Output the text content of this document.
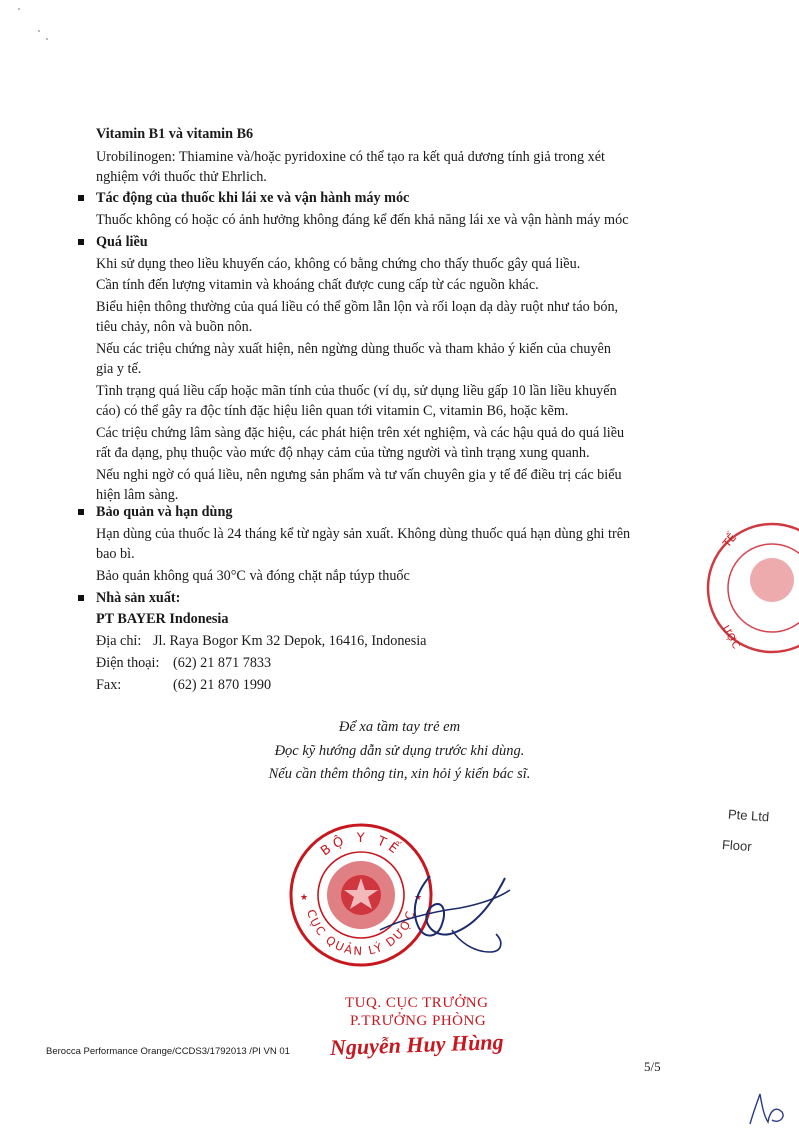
Vitamin B1 và vitamin B6
Urobilinogen: Thiamine và/hoặc pyridoxine có thể tạo ra kết quả dương tính giả trong xét
nghiệm với thuốc thử Ehrlich.
Tác động của thuốc khi lái xe và vận hành máy móc
Thuốc không có hoặc có ảnh hưởng không đáng kể đến khả năng lái xe và vận hành máy móc
Quá liều
Khi sử dụng theo liều khuyến cáo, không có bằng chứng cho thấy thuốc gây quá liều.
Cần tính đến lượng vitamin và khoáng chất được cung cấp từ các nguồn khác.
Biểu hiện thông thường của quá liều có thể gồm lẫn lộn và rối loạn dạ dày ruột như táo bón,
tiêu chảy, nôn và buồn nôn.
Nếu các triệu chứng này xuất hiện, nên ngừng dùng thuốc và tham khảo ý kiến của chuyên
gia y tế.
Tình trạng quá liều cấp hoặc mãn tính của thuốc (ví dụ, sử dụng liều gấp 10 lần liều khuyến
cáo) có thể gây ra độc tính đặc hiệu liên quan tới vitamin C, vitamin B6, hoặc kẽm.
Các triệu chứng lâm sàng đặc hiệu, các phát hiện trên xét nghiệm, và các hậu quả do quá liều
rất đa dạng, phụ thuộc vào mức độ nhạy cảm của từng người và tình trạng xung quanh.
Nếu nghi ngờ có quá liều, nên ngưng sản phẩm và tư vấn chuyên gia y tế để điều trị các biểu
hiện lâm sàng.
Bảo quản và hạn dùng
Hạn dùng của thuốc là 24 tháng kể từ ngày sản xuất. Không dùng thuốc quá hạn dùng ghi trên
bao bì.
Bảo quản không quá 30°C và đóng chặt nắp túyp thuốc
Nhà sản xuất:
PT BAYER Indonesia
Địa chỉ: Jl. Raya Bogor Km 32 Depok, 16416, Indonesia
Điện thoại: (62) 21 871 7833
Fax:	(62) 21 870 1990
Để xa tầm tay trẻ em
Đọc kỹ hướng dẫn sử dụng trước khi dùng.
Nếu cần thêm thông tin, xin hỏi ý kiến bác sĩ.
TẾ
ƯỢC
Pte Ltd
Floor
★	★
BỘ Y TẾ
CỤC QUẢN LÝ DƯỢC
TUQ. CỤC TRƯỞNG
P.TRƯỞNG PHÒNG
Nguyễn Huy Hùng
Berocca Performance Orange/CCDS3/1792013 /PI VN 01
5/5
